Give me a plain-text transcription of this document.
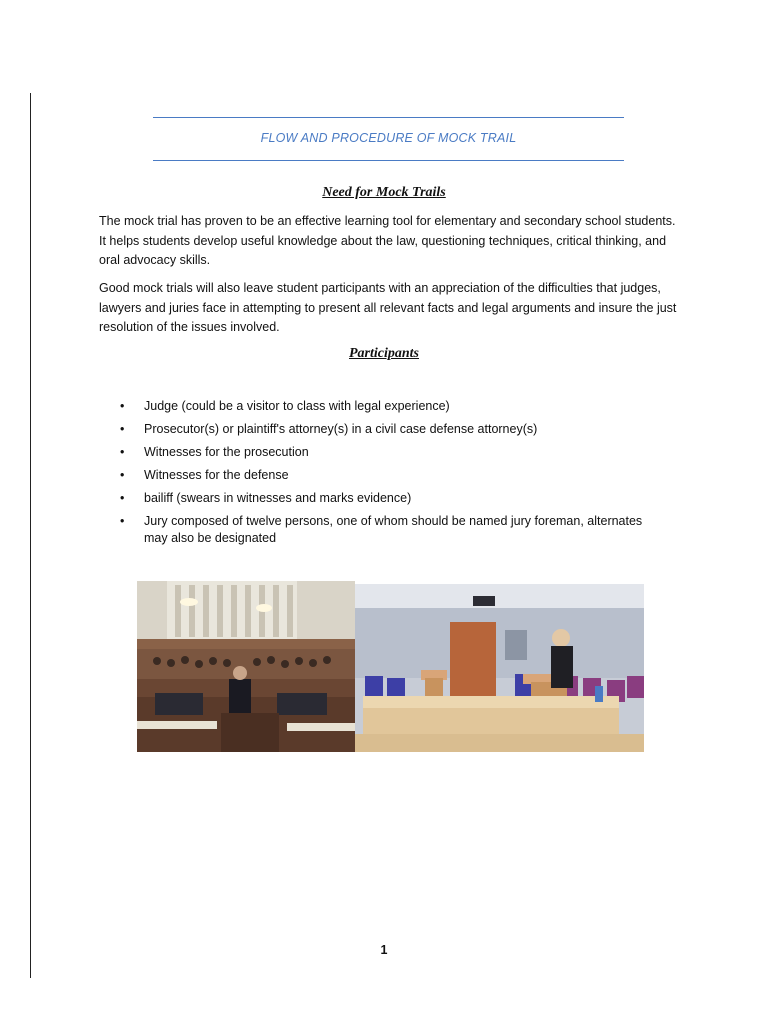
FLOW AND PROCEDURE OF MOCK TRAIL
Need for Mock Trails

The mock trial has proven to be an effective learning tool for elementary and secondary school students. It helps students develop useful knowledge about the law, questioning techniques, critical thinking, and oral advocacy skills.

Good mock trials will also leave student participants with an appreciation of the difficulties that judges, lawyers and juries face in attempting to present all relevant facts and legal arguments and insure the just resolution of the issues involved.

Participants
• Judge (could be a visitor to class with legal experience)
• Prosecutor(s) or plaintiff's attorney(s) in a civil case defense attorney(s)
• Witnesses for the prosecution
• Witnesses for the defense
• bailiff (swears in witnesses and marks evidence)
• Jury composed of twelve persons, one of whom should be named jury foreman, alternates may also be designated
1
